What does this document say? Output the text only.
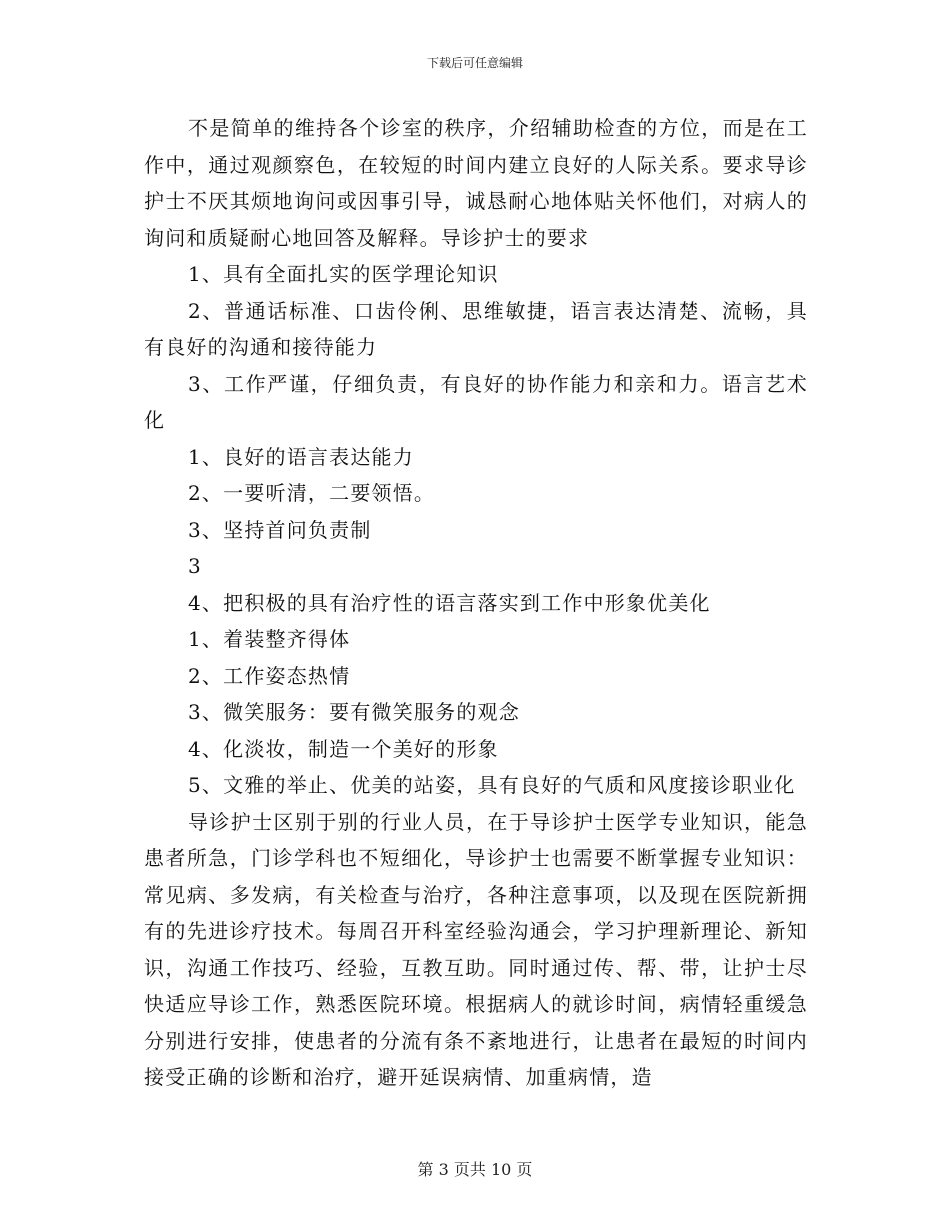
下载后可任意编辑

不是简单的维持各个诊室的秩序，介绍辅助检查的方位，而是在工作中，通过观颜察色，在较短的时间内建立良好的人际关系。要求导诊护士不厌其烦地询问或因事引导，诚恳耐心地体贴关怀他们，对病人的询问和质疑耐心地回答及解释。导诊护士的要求

1、具有全面扎实的医学理论知识

2、普通话标准、口齿伶俐、思维敏捷，语言表达清楚、流畅，具有良好的沟通和接待能力

3、工作严谨，仔细负责，有良好的协作能力和亲和力。语言艺术化

1、良好的语言表达能力

2、一要听清，二要领悟。

3、坚持首问负责制

3

4、把积极的具有治疗性的语言落实到工作中形象优美化

1、着装整齐得体

2、工作姿态热情

3、微笑服务：要有微笑服务的观念

4、化淡妆，制造一个美好的形象

5、文雅的举止、优美的站姿，具有良好的气质和风度接诊职业化

导诊护士区别于别的行业人员，在于导诊护士医学专业知识，能急患者所急，门诊学科也不短细化，导诊护士也需要不断掌握专业知识：常见病、多发病，有关检查与治疗，各种注意事项，以及现在医院新拥有的先进诊疗技术。每周召开科室经验沟通会，学习护理新理论、新知识，沟通工作技巧、经验，互教互助。同时通过传、帮、带，让护士尽快适应导诊工作，熟悉医院环境。根据病人的就诊时间，病情轻重缓急分别进行安排，使患者的分流有条不紊地进行，让患者在最短的时间内接受正确的诊断和治疗，避开延误病情、加重病情，造

第 3 页共 10 页
